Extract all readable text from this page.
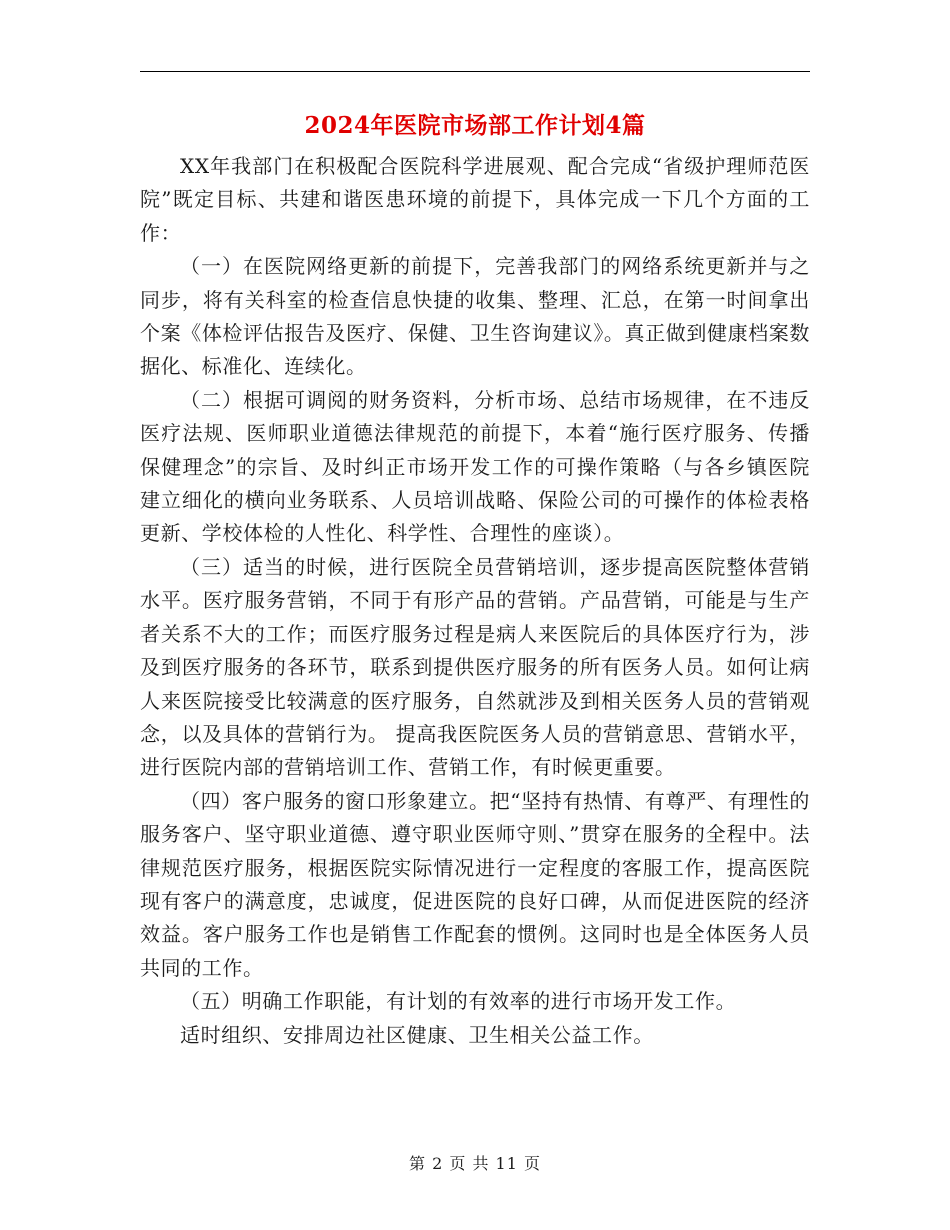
2024年医院市场部工作计划4篇

XX年我部门在积极配合医院科学进展观、配合完成“省级护理师范医院”既定目标、共建和谐医患环境的前提下，具体完成一下几个方面的工作：

（一）在医院网络更新的前提下，完善我部门的网络系统更新并与之同步，将有关科室的检查信息快捷的收集、整理、汇总，在第一时间拿出个案《体检评估报告及医疗、保健、卫生咨询建议》。真正做到健康档案数据化、标准化、连续化。

（二）根据可调阅的财务资料，分析市场、总结市场规律，在不违反医疗法规、医师职业道德法律规范的前提下，本着“施行医疗服务、传播保健理念”的宗旨、及时纠正市场开发工作的可操作策略（与各乡镇医院建立细化的横向业务联系、人员培训战略、保险公司的可操作的体检表格更新、学校体检的人性化、科学性、合理性的座谈）。

（三）适当的时候，进行医院全员营销培训，逐步提高医院整体营销水平。医疗服务营销，不同于有形产品的营销。产品营销，可能是与生产者关系不大的工作；而医疗服务过程是病人来医院后的具体医疗行为，涉及到医疗服务的各环节，联系到提供医疗服务的所有医务人员。如何让病人来医院接受比较满意的医疗服务，自然就涉及到相关医务人员的营销观念，以及具体的营销行为。 提高我医院医务人员的营销意思、营销水平，进行医院内部的营销培训工作、营销工作，有时候更重要。

（四）客户服务的窗口形象建立。把“坚持有热情、有尊严、有理性的服务客户、坚守职业道德、遵守职业医师守则、”贯穿在服务的全程中。法律规范医疗服务，根据医院实际情况进行一定程度的客服工作，提高医院现有客户的满意度，忠诚度，促进医院的良好口碑，从而促进医院的经济效益。客户服务工作也是销售工作配套的惯例。这同时也是全体医务人员共同的工作。

（五）明确工作职能，有计划的有效率的进行市场开发工作。

适时组织、安排周边社区健康、卫生相关公益工作。

第 2 页 共 11 页
